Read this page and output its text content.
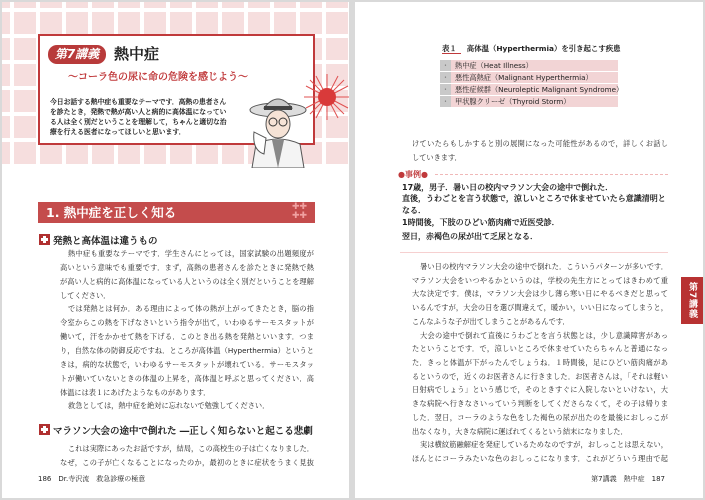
第7講義 熱中症
〜コーラ色の尿に命の危険を感じよう〜
今日お話する熱中症も重要なテーマです．高熱の患者さん
を診たとき，発熱で熱が高い人と病的に高体温になってい
る人は全く別だということを理解して，ちゃんと適切な治
療を行える医者になってほしいと思います．
1. 熱中症を正しく知る	✚✚
✚✚
発熱と高体温は違うもの
熱中症も重要なテーマです．学生さんにとっては，国家試験の出題頻度が
高いという意味でも重要です．まず，高熱の患者さんを診たときに発熱で熱
が高い人と病的に高体温になっている人というのは全く別だということを理解
してください．
では発熱とは何か．ある理由によって体の熱が上がってきたとき，脳の指
令室からこの熱を下げなさいという指令が出て，いわゆるサーモスタットが
働いて，汗をかかせて熱を下げる．このとき出る熱を発熱といいます．つま
り，自然な体の防御反応ですね．ところが高体温（Hyperthermia）というと
きは，病的な状態で，いわゆるサーモスタットが壊れている．サーモスタッ
トが働いていないときの体温の上昇を，高体温と呼ぶと思ってください．高
体温には表１にあげたようなものがあります．
救急としては，熱中症を絶対に忘れないで勉強してください．
マラソン大会の途中で倒れた ―正しく知らないと起こる悲劇
これは実際にあったお話ですが，結局，この高校生の子は亡くなりました．
なぜ，この子が亡くなることになったのか，最初のときに症状をうまく見抜
186　Dr.寺沢流　救急診療の極意
表１ 高体温（Hyperthermia）を引き起こす疾患
・ 熱中症（Heat Illness）
・ 悪性高熱症（Malignant Hyperthermia）
・ 悪性症候群（Neuroleptic Malignant Syndrome）
・ 甲状腺クリーゼ（Thyroid Storm）
けていたらもしかすると別の展開になった可能性があるので，詳しくお話し
していきます．
●事例●
17歳，男子．暑い日の校内マラソン大会の途中で倒れた．
直後，うわごとを言う状態で，涼しいところで休ませていたら意識清明と
なる．
1時間後，下肢のひどい筋肉痛で近医受診．
翌日，赤褐色の尿が出て乏尿となる．
暑い日の校内マラソン大会の途中で倒れた．こういうパターンが多いです．
マラソン大会をいつやるかというのは，学校の先生方にとってはきわめて重
大な決定です．僕は，マラソン大会は少し薄ら寒い日にやるべきだと思って
いるんですが，大会の日を選び間違えて，暖かい，いい日になってしまうと，
こんなふうな子が出てしまうことがあるんです．
大会の途中で倒れて直後にうわごとを言う状態とは，少し意識障害があっ
たということです．で，涼しいところで休ませていたらちゃんと普通になっ
た．きっと体温が下がったんでしょうね．１時間後，足にひどい筋肉痛があ
るというので，近くのお医者さんに行きました．お医者さんは，「それは軽い
日射病でしょう」という感じで，そのときすぐに入院しないといけない，大
きな病院へ行きなさいっていう判断をしてくださらなくて，その子は帰りま
した．翌日，コーラのような色をした褐色の尿が出たのを最後におしっこが
出なくなり，大きな病院に運ばれてくるという結末になりました．
実は横紋筋融解症を発症しているためなのですが，おしっことは思えない，
ほんとにコーラみたいな色のおしっこになります．これがどういう理由で起
第7講義
第7講義　熱中症　187
